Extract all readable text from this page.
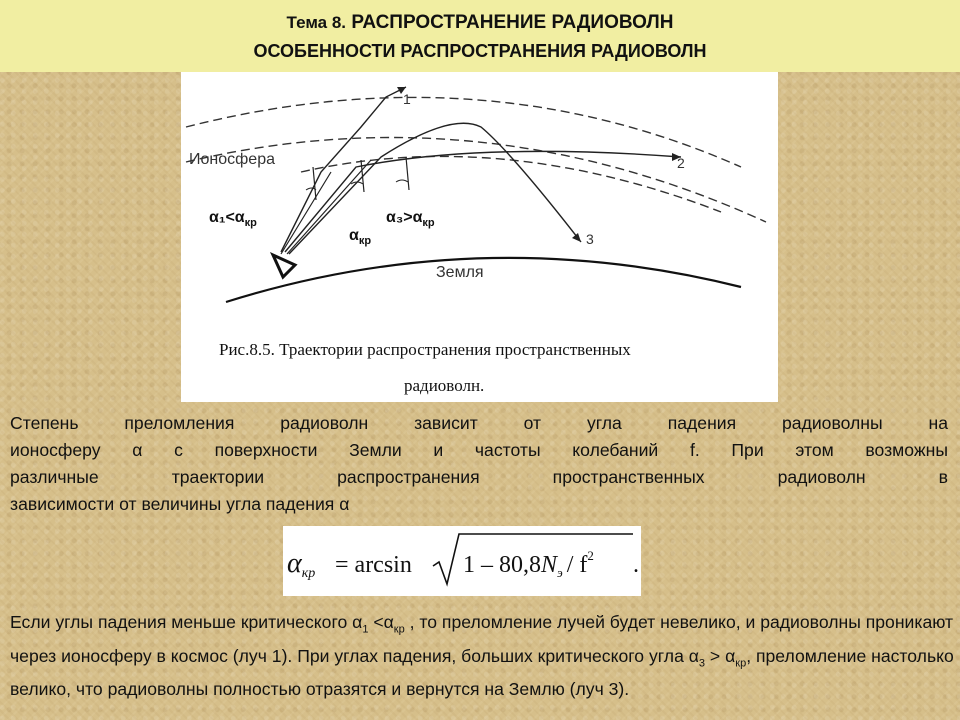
Тема 8. РАСПРОСТРАНЕНИЕ РАДИОВОЛН
ОСОБЕННОСТИ РАСПРОСТРАНЕНИЯ РАДИОВОЛН
Ионосфера
Земля
1
2
3
$\alpha_1<\alpha_{кр}$
$\alpha_{кр}$
$\alpha_3>\alpha_{кр}$
Рис.8.5. Траектории распространения пространственных
радиоволн.
Степень преломления радиоволн зависит от угла падения радиоволны на
ионосферу α с поверхности Земли и частоты колебаний f. При этом возможны
различные траектории распространения пространственных радиоволн в
зависимости от величины угла падения α
$\alpha кр = \arcsin 1 - 80,8N_э / f^2$ .
Если углы падения меньше критического $\alpha_1 <\alpha_{кр}$ , то преломление лучей будет невелико, и радиоволны проникают через ионосферу в космос (луч 1). При углах падения, больших критического угла $\alpha_3 > \alpha_{кр}$, преломление настолько велико, что радиоволны полностью отразятся и вернутся на Землю (луч 3).
